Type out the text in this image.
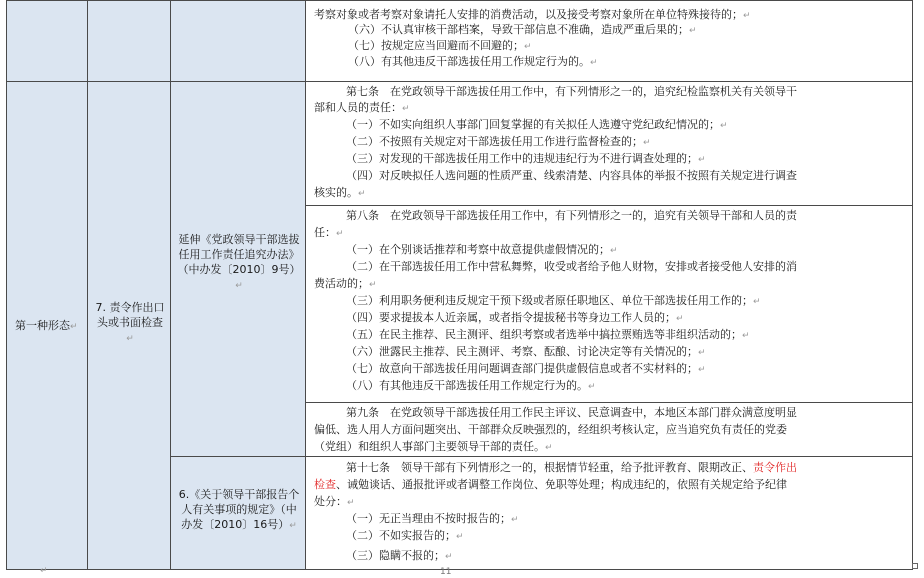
第一种形态↵
7. 责令作出口头或书面检查↵
延伸《党政领导干部选拔任用工作责任追究办法》（中办发〔2010〕9号）↵
6.《关于领导干部报告个人有关事项的规定》（中办发〔2010〕16号）↵
考察对象或者考察对象请托人安排的消费活动，以及接受考察对象所在单位特殊接待的；↵
（六）不认真审核干部档案，导致干部信息不准确，造成严重后果的；↵
（七）按规定应当回避而不回避的；↵
（八）有其他违反干部选拔任用工作规定行为的。↵
第七条　在党政领导干部选拔任用工作中，有下列情形之一的，追究纪检监察机关有关领导干
部和人员的责任：↵
（一）不如实向组织人事部门回复掌握的有关拟任人选遵守党纪政纪情况的；↵
（二）不按照有关规定对干部选拔任用工作进行监督检查的；↵
（三）对发现的干部选拔任用工作中的违规违纪行为不进行调查处理的；↵
（四）对反映拟任人选问题的性质严重、线索清楚、内容具体的举报不按照有关规定进行调查
核实的。↵
第八条　在党政领导干部选拔任用工作中，有下列情形之一的，追究有关领导干部和人员的责
任：↵
（一）在个别谈话推荐和考察中故意提供虚假情况的；↵
（二）在干部选拔任用工作中营私舞弊，收受或者给予他人财物，安排或者接受他人安排的消
费活动的；↵
（三）利用职务便利违反规定干预下级或者原任职地区、单位干部选拔任用工作的；↵
（四）要求提拔本人近亲属，或者指令提拔秘书等身边工作人员的；↵
（五）在民主推荐、民主测评、组织考察或者选举中搞拉票贿选等非组织活动的；↵
（六）泄露民主推荐、民主测评、考察、酝酿、讨论决定等有关情况的；↵
（七）故意向干部选拔任用问题调查部门提供虚假信息或者不实材料的；↵
（八）有其他违反干部选拔任用工作规定行为的。↵
第九条　在党政领导干部选拔任用工作民主评议、民意调查中，本地区本部门群众满意度明显
偏低、选人用人方面问题突出、干部群众反映强烈的，经组织考核认定，应当追究负有责任的党委
（党组）和组织人事部门主要领导干部的责任。↵
第十七条　领导干部有下列情形之一的，根据情节轻重，给予批评教育、限期改正、责令作出
检查、诫勉谈话、通报批评或者调整工作岗位、免职等处理；构成违纪的，依照有关规定给予纪律
处分：↵
（一）无正当理由不按时报告的；↵
（二）不如实报告的；↵
（三）隐瞒不报的；↵
↵	11
